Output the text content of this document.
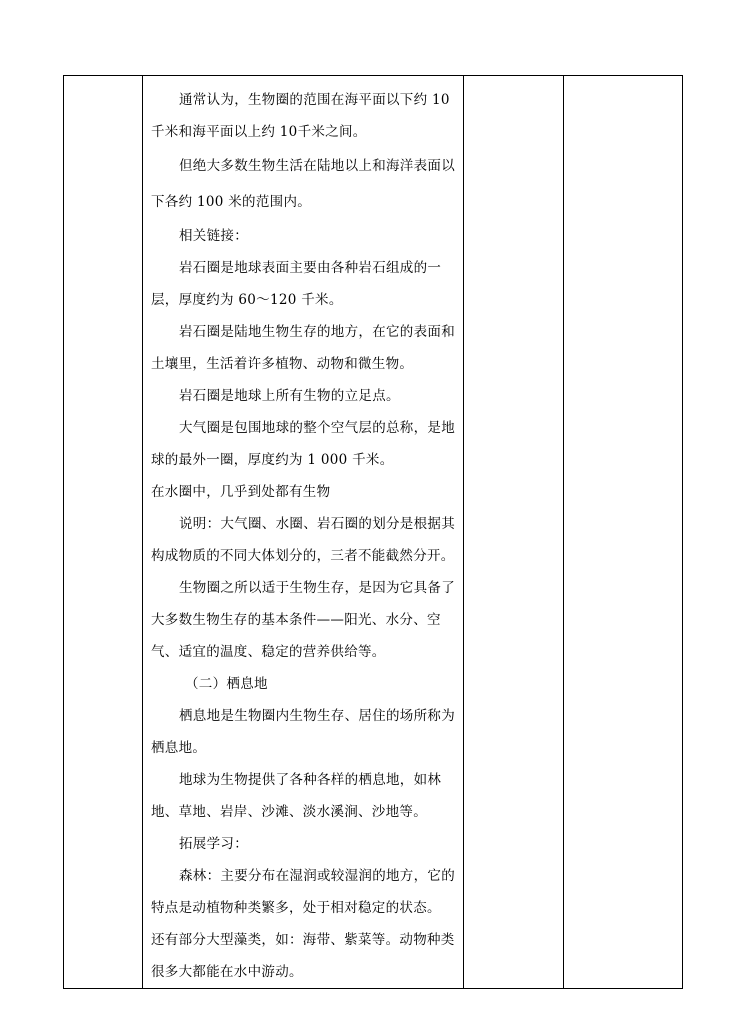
通常认为，生物圈的范围在海平面以下约 10千米和海平面以上约 10千米之间。

但绝大多数生物生活在陆地以上和海洋表面以下各约 100 米的范围内。

相关链接：

岩石圈是地球表面主要由各种岩石组成的一层，厚度约为 60～120 千米。

岩石圈是陆地生物生存的地方，在它的表面和土壤里，生活着许多植物、动物和微生物。

岩石圈是地球上所有生物的立足点。

大气圈是包围地球的整个空气层的总称，是地球的最外一圈，厚度约为 1 000 千米。

在水圈中，几乎到处都有生物

说明：大气圈、水圈、岩石圈的划分是根据其构成物质的不同大体划分的，三者不能截然分开。

生物圈之所以适于生物生存，是因为它具备了大多数生物生存的基本条件——阳光、水分、空气、适宜的温度、稳定的营养供给等。

（二）栖息地

栖息地是生物圈内生物生存、居住的场所称为栖息地。

地球为生物提供了各种各样的栖息地，如林地、草地、岩岸、沙滩、淡水溪涧、沙地等。

拓展学习：

森林：主要分布在湿润或较湿润的地方，它的特点是动植物种类繁多，处于相对稳定的状态。

还有部分大型藻类，如：海带、紫菜等。动物种类很多大都能在水中游动。
